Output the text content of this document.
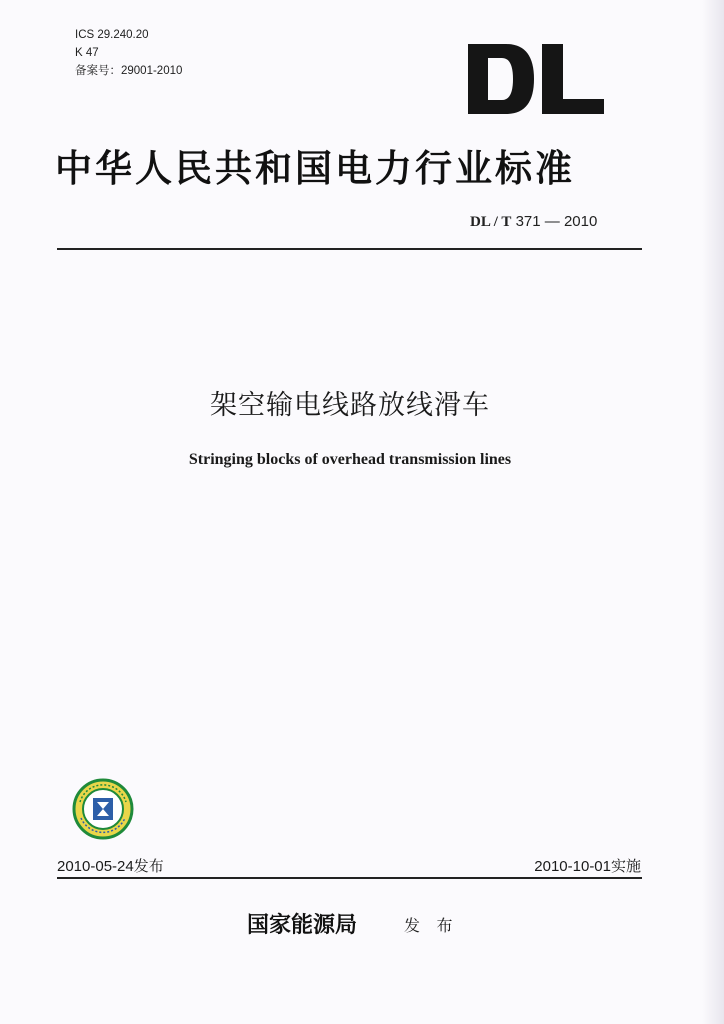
ICS 29.240.20
K 47
备案号：29001-2010
中华人民共和国电力行业标准
DL / T 371 — 2010
架空输电线路放线滑车
Stringing blocks of overhead transmission lines
2010-05-24发布	2010-10-01实施
国家能源局	发 布
